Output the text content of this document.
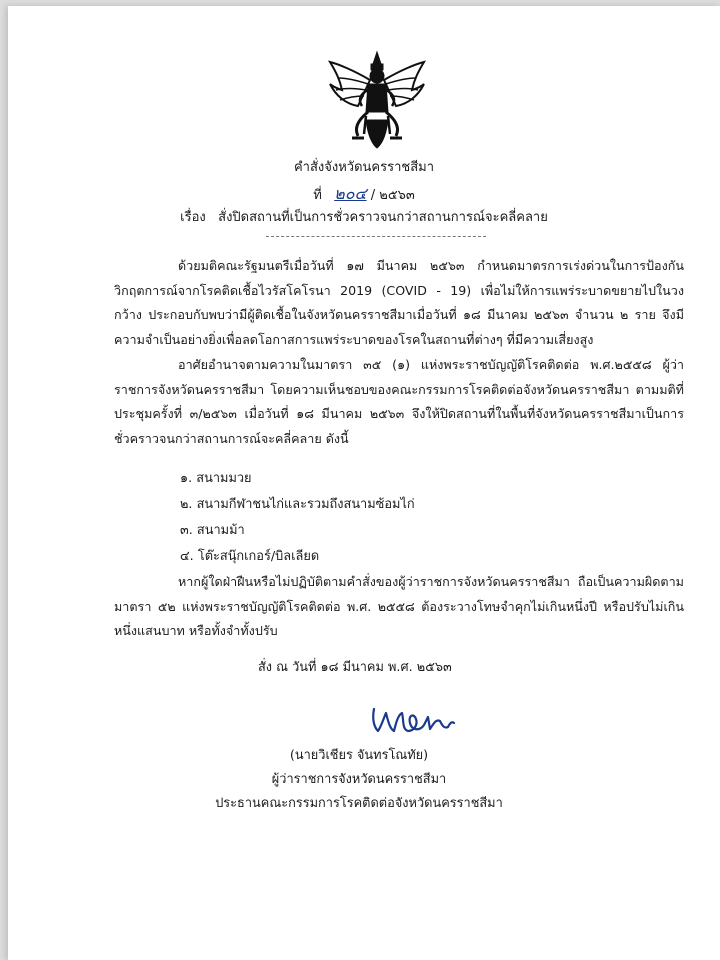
คำสั่งจังหวัดนครราชสีมา
ที่ ๒๐๔ / ๒๕๖๓
เรื่อง สั่งปิดสถานที่เป็นการชั่วคราวจนกว่าสถานการณ์จะคลี่คลาย
ด้วยมติคณะรัฐมนตรีเมื่อวันที่ ๑๗ มีนาคม ๒๕๖๓ กำหนดมาตรการเร่งด่วนในการป้องกันวิกฤตการณ์จากโรคติดเชื้อไวรัสโคโรนา 2019 (COVID - 19) เพื่อไม่ให้การแพร่ระบาดขยายไปในวงกว้าง ประกอบกับพบว่ามีผู้ติดเชื้อในจังหวัดนครราชสีมาเมื่อวันที่ ๑๘ มีนาคม ๒๕๖๓ จำนวน ๒ ราย จึงมีความจำเป็นอย่างยิ่งเพื่อลดโอกาสการแพร่ระบาดของโรคในสถานที่ต่างๆ ที่มีความเสี่ยงสูง
อาศัยอำนาจตามความในมาตรา ๓๕ (๑) แห่งพระราชบัญญัติโรคติดต่อ พ.ศ.๒๕๕๘ ผู้ว่าราชการจังหวัดนครราชสีมา โดยความเห็นชอบของคณะกรรมการโรคติดต่อจังหวัดนครราชสีมา ตามมติที่ประชุมครั้งที่ ๓/๒๕๖๓ เมื่อวันที่ ๑๘ มีนาคม ๒๕๖๓ จึงให้ปิดสถานที่ในพื้นที่จังหวัดนครราชสีมาเป็นการชั่วคราวจนกว่าสถานการณ์จะคลี่คลาย ดังนี้
๑. สนามมวย
๒. สนามกีฬาชนไก่และรวมถึงสนามซ้อมไก่
๓. สนามม้า
๔. โต๊ะสนุ๊กเกอร์/บิลเลียด
หากผู้ใดฝ่าฝืนหรือไม่ปฏิบัติตามคำสั่งของผู้ว่าราชการจังหวัดนครราชสีมา ถือเป็นความผิดตามมาตรา ๕๒ แห่งพระราชบัญญัติโรคติดต่อ พ.ศ. ๒๕๕๘ ต้องระวางโทษจำคุกไม่เกินหนึ่งปี หรือปรับไม่เกินหนึ่งแสนบาท หรือทั้งจำทั้งปรับ
สั่ง ณ วันที่ ๑๘ มีนาคม พ.ศ. ๒๕๖๓
(นายวิเชียร จันทรโณทัย)
ผู้ว่าราชการจังหวัดนครราชสีมา
ประธานคณะกรรมการโรคติดต่อจังหวัดนครราชสีมา
